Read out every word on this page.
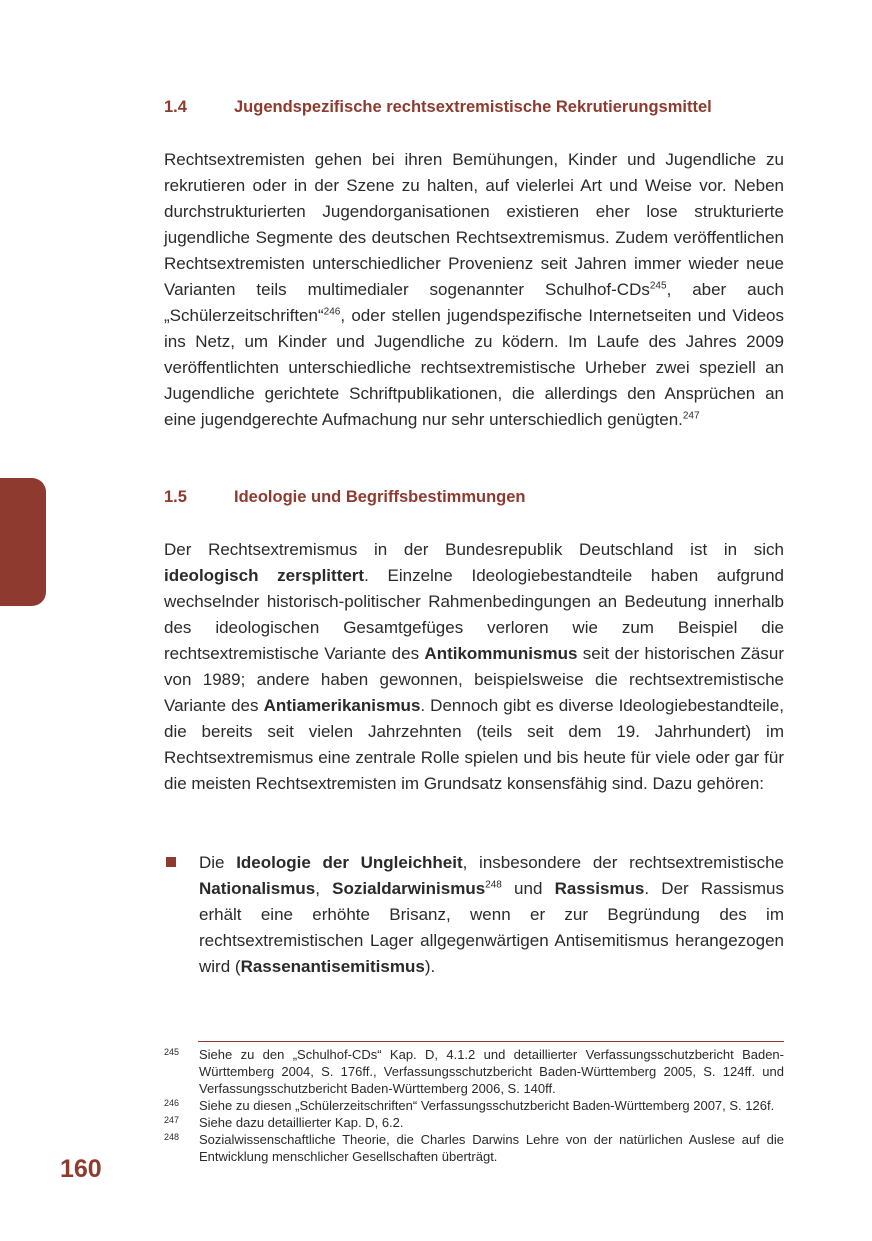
1.4	Jugendspezifische rechtsextremistische Rekrutierungsmittel

Rechtsextremisten gehen bei ihren Bemühungen, Kinder und Jugendliche zu rekrutieren oder in der Szene zu halten, auf vielerlei Art und Weise vor. Neben durchstrukturierten Jugendorganisationen existieren eher lose strukturierte jugendliche Segmente des deutschen Rechtsextremismus. Zudem veröffentlichen Rechtsextremisten unterschiedlicher Provenienz seit Jahren immer wieder neue Varianten teils multimedialer sogenannter Schulhof-CDs$^{245}$, aber auch „Schülerzeitschriften“$^{246}$, oder stellen jugendspezifische Internetseiten und Videos ins Netz, um Kinder und Jugendliche zu ködern. Im Laufe des Jahres 2009 veröffentlichten unterschiedliche rechtsextremistische Urheber zwei speziell an Jugendliche gerichtete Schriftpublikationen, die allerdings den Ansprüchen an eine jugendgerechte Aufmachung nur sehr unterschiedlich genügten.$^{247}$

1.5	Ideologie und Begriffsbestimmungen

Der Rechtsextremismus in der Bundesrepublik Deutschland ist in sich ideologisch zersplittert. Einzelne Ideologiebestandteile haben aufgrund wechselnder historisch-politischer Rahmenbedingungen an Bedeutung innerhalb des ideologischen Gesamtgefüges verloren wie zum Beispiel die rechtsextremistische Variante des Antikommunismus seit der historischen Zäsur von 1989; andere haben gewonnen, beispielsweise die rechtsextremistische Variante des Antiamerikanismus. Dennoch gibt es diverse Ideologiebestandteile, die bereits seit vielen Jahrzehnten (teils seit dem 19. Jahrhundert) im Rechtsextremismus eine zentrale Rolle spielen und bis heute für viele oder gar für die meisten Rechtsextremisten im Grundsatz konsensfähig sind. Dazu gehören:

Die Ideologie der Ungleichheit, insbesondere der rechtsextremistische Nationalismus, Sozialdarwinismus$^{248}$ und Rassismus. Der Rassismus erhält eine erhöhte Brisanz, wenn er zur Begründung des im rechtsextremistischen Lager allgegenwärtigen Antisemitismus herangezogen wird (Rassenantisemitismus).
245 Siehe zu den „Schulhof-CDs“ Kap. D, 4.1.2 und detaillierter Verfassungsschutzbericht Baden-Württemberg 2004, S. 176ff., Verfassungsschutzbericht Baden-Württemberg 2005, S. 124ff. und Verfassungsschutzbericht Baden-Württemberg 2006, S. 140ff.
246 Siehe zu diesen „Schülerzeitschriften“ Verfassungsschutzbericht Baden-Württemberg 2007, S. 126f.
247 Siehe dazu detaillierter Kap. D, 6.2.
248 Sozialwissenschaftliche Theorie, die Charles Darwins Lehre von der natürlichen Auslese auf die Entwicklung menschlicher Gesellschaften überträgt.
160
